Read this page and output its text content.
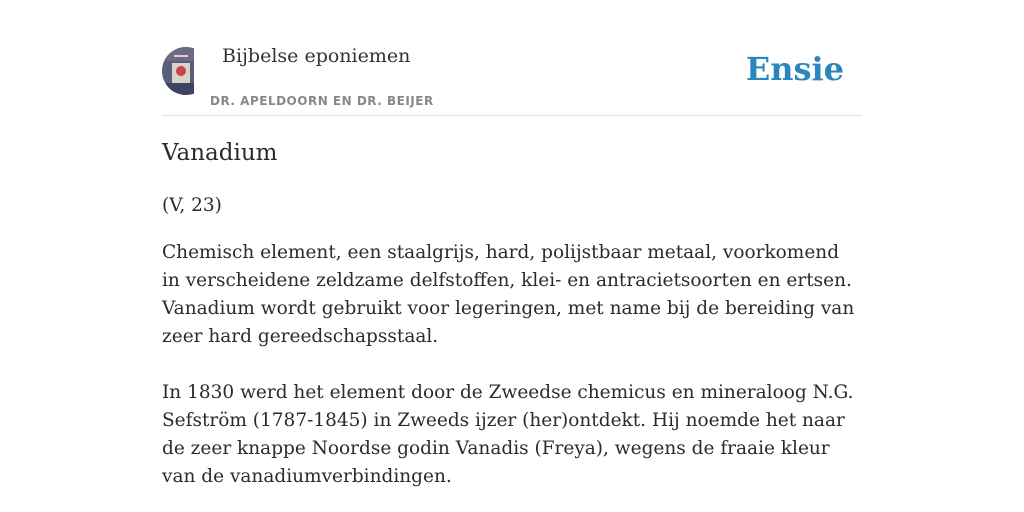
Bijbelse eponiemen
DR. APELDOORN EN DR. BEIJER
Ensie
Vanadium

(V, 23)

Chemisch element, een staalgrijs, hard, polijstbaar metaal, voorkomend in verscheidene zeldzame delfstoffen, klei- en antracietsoorten en ertsen. Vanadium wordt gebruikt voor legeringen, met name bij de bereiding van zeer hard gereedschapsstaal.

In 1830 werd het element door de Zweedse chemicus en mineraloog N.G. Sefström (1787-1845) in Zweeds ijzer (her)ontdekt. Hij noemde het naar de zeer knappe Noordse godin Vanadis (Freya), wegens de fraaie kleur van de vanadiumverbindingen.
